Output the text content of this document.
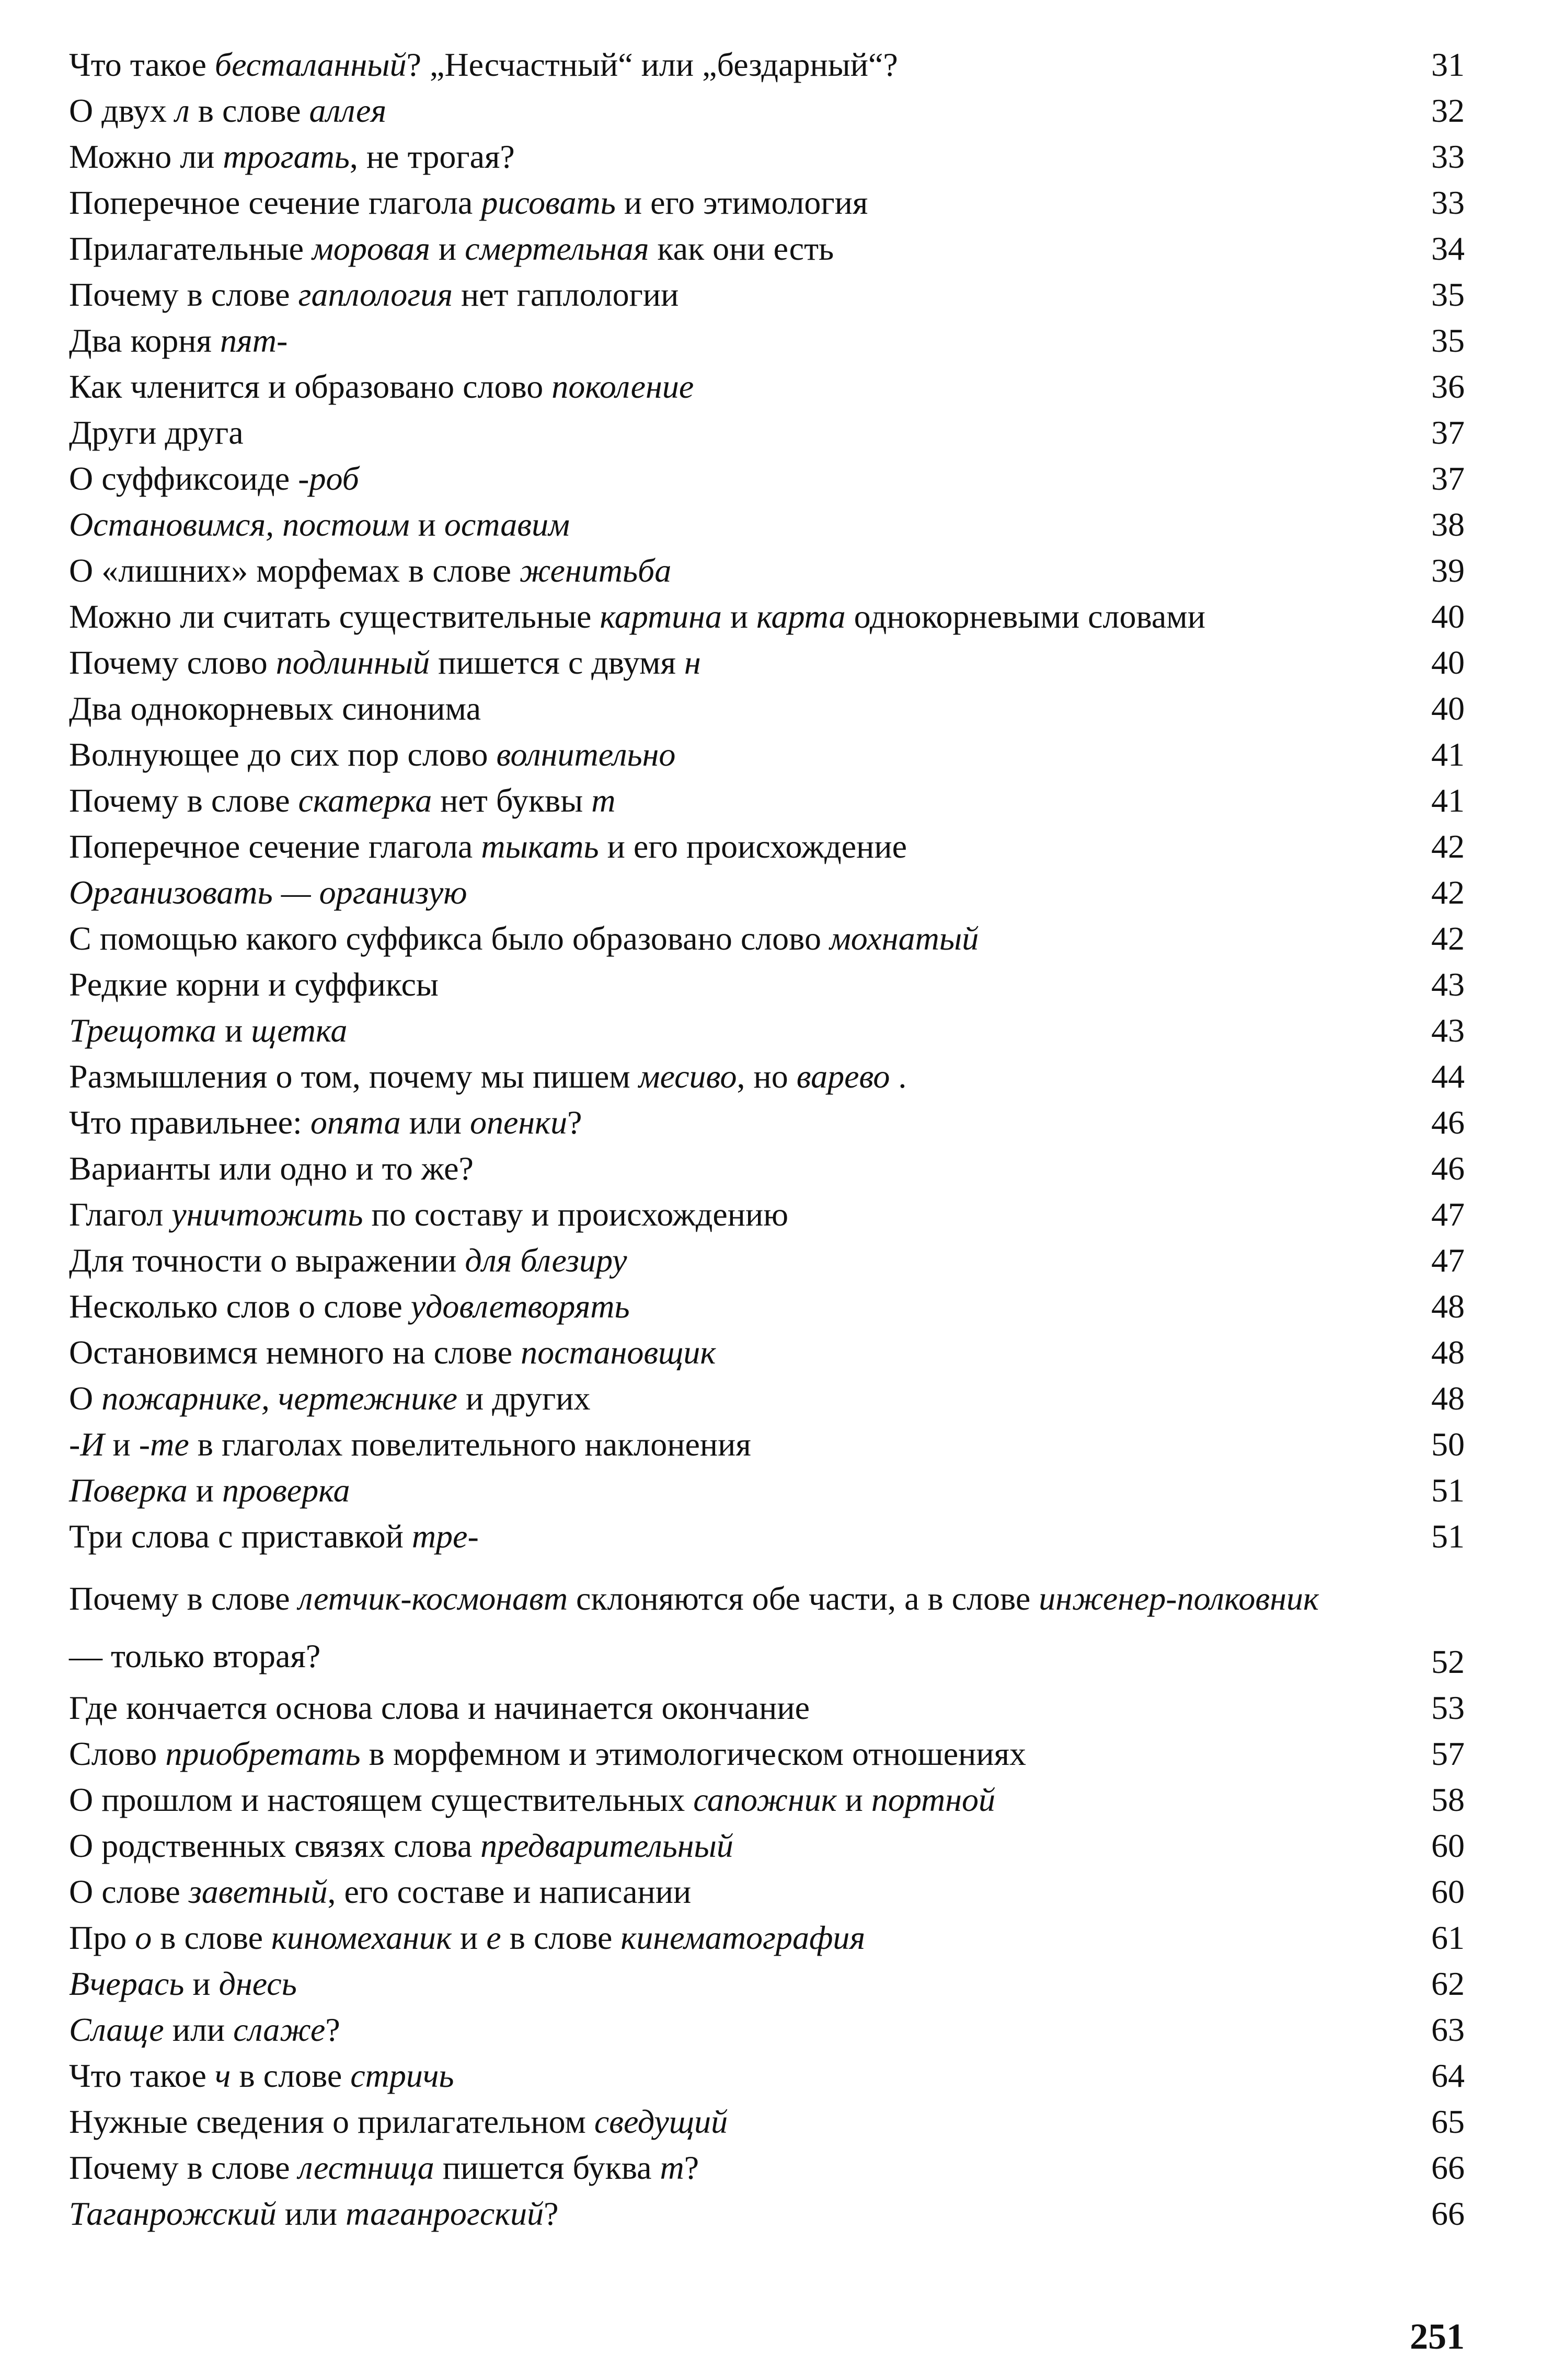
Что такое бесталанный? „Несчастный“ или „бездарный“?	31
О двух л в слове аллея	32
Можно ли трогать, не трогая?	33
Поперечное сечение глагола рисовать и его этимология	33
Прилагательные моровая и смертельная как они есть	34
Почему в слове гаплология нет гаплологии	35
Два корня пят-	35
Как членится и образовано слово поколение	36
Други друга	37
О суффиксоиде -роб	37
Остановимся, постоим и оставим	38
О «лишних» морфемах в слове женитьба	39
Можно ли считать существительные картина и карта однокорневыми словами	40
Почему слово подлинный пишется с двумя н	40
Два однокорневых синонима	40
Волнующее до сих пор слово волнительно	41
Почему в слове скатерка нет буквы т	41
Поперечное сечение глагола тыкать и его происхождение	42
Организовать — организую	42
С помощью какого суффикса было образовано слово мохнатый	42
Редкие корни и суффиксы	43
Трещотка и щетка	43
Размышления о том, почему мы пишем месиво, но варево .	44
Что правильнее: опята или опенки?	46
Варианты или одно и то же?	46
Глагол уничтожить по составу и происхождению	47
Для точности о выражении для блезиру	47
Несколько слов о слове удовлетворять	48
Остановимся немного на слове постановщик	48
О пожарнике, чертежнике и других	48
-И и -те в глаголах повелительного наклонения	50
Поверка и проверка	51
Три слова с приставкой тре-	51
Почему в слове летчик-космонавт склоняются обе части, а в слове инженер-полковник — только вторая?	52
Где кончается основа слова и начинается окончание	53
Слово приобретать в морфемном и этимологическом отношениях	57
О прошлом и настоящем существительных сапожник и портной	58
О родственных связях слова предварительный	60
О слове заветный, его составе и написании	60
Про о в слове киномеханик и е в слове кинематография	61
Вчерась и днесь	62
Слаще или слаже?	63
Что такое ч в слове стричь	64
Нужные сведения о прилагательном сведущий	65
Почему в слове лестница пишется буква т?	66
Таганрожский или таганрогский?	66
251
